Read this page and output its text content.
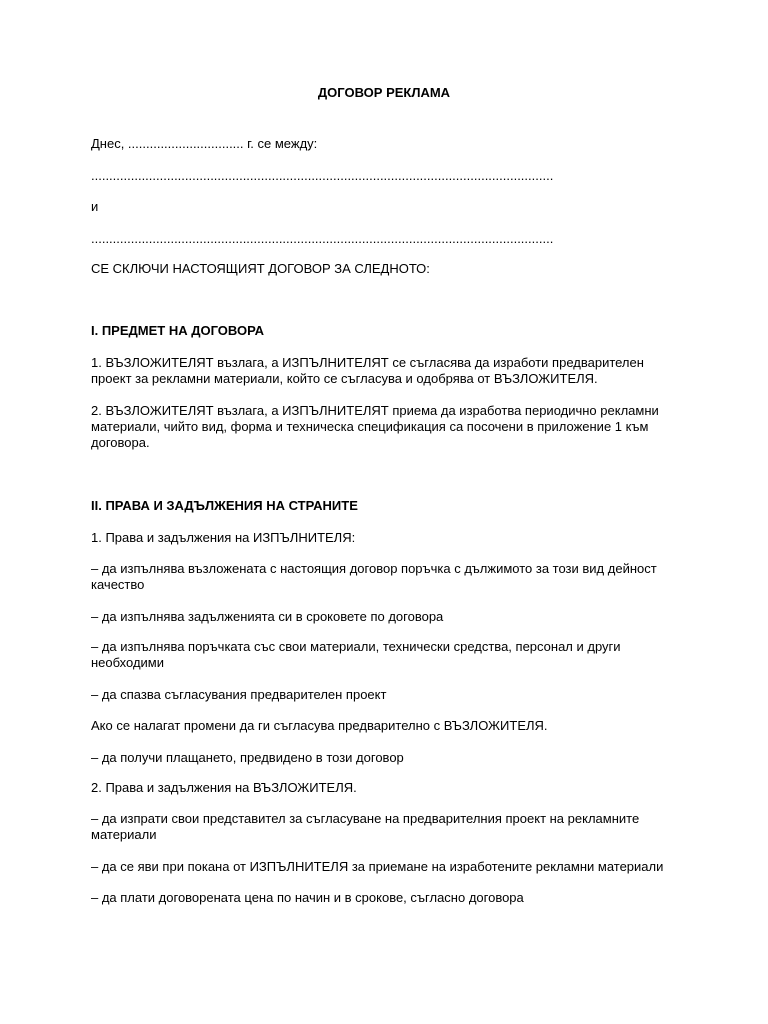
ДОГОВОР РЕКЛАМА
Днес, ................................ г. се между:
................................................................................................................................
и
................................................................................................................................
СЕ СКЛЮЧИ НАСТОЯЩИЯТ ДОГОВОР ЗА СЛЕДНОТО:
I. ПРЕДМЕТ НА ДОГОВОРА
1. ВЪЗЛОЖИТЕЛЯТ възлага, а ИЗПЪЛНИТЕЛЯТ се съгласява да изработи предварителен
проект за рекламни материали, който се съгласува и одобрява от ВЪЗЛОЖИТЕЛЯ.
2. ВЪЗЛОЖИТЕЛЯТ възлага, а ИЗПЪЛНИТЕЛЯТ приема да изработва периодично рекламни
материали, чийто вид, форма и техническа спецификация са посочени в приложение 1 към
договора.
II. ПРАВА И ЗАДЪЛЖЕНИЯ НА СТРАНИТЕ
1. Права и задължения на ИЗПЪЛНИТЕЛЯ:
– да изпълнява възложената с настоящия договор поръчка с дължимото за този вид дейност
качество
– да изпълнява задълженията си в сроковете по договора
– да изпълнява поръчката със свои материали, технически средства, персонал и други
необходими
– да спазва съгласувания предварителен проект
Ако се налагат промени да ги съгласува предварително с ВЪЗЛОЖИТЕЛЯ.
– да получи плащането, предвидено в този договор
2. Права и задължения на ВЪЗЛОЖИТЕЛЯ.
– да изпрати свои представител за съгласуване на предварителния проект на рекламните
материали
– да се яви при покана от ИЗПЪЛНИТЕЛЯ за приемане на изработените рекламни материали
– да плати договорената цена по начин и в срокове, съгласно договора
